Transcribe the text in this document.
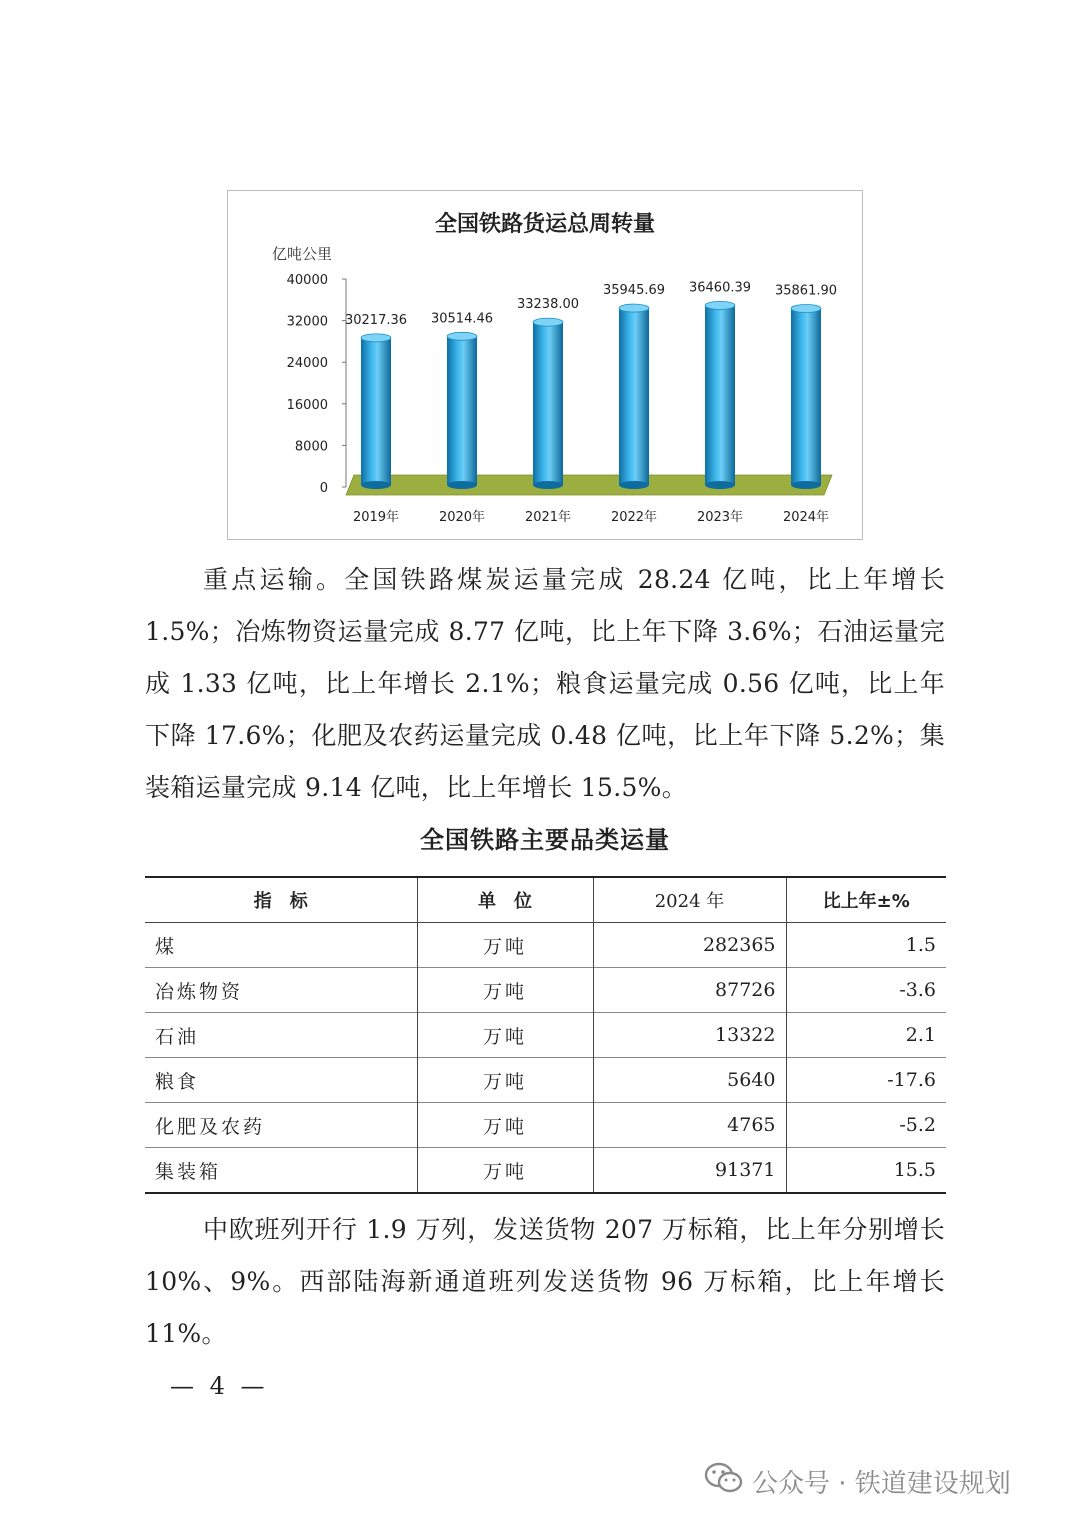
全国铁路货运总周转量
亿吨公里
0
8000
16000
24000
32000
40000
30217.36
2019年
30514.46
2020年
33238.00
2021年
35945.69
2022年
36460.39
2023年
35861.90
2024年

重点运输。全国铁路煤炭运量完成 28.24 亿吨，比上年增长 1.5%；冶炼物资运量完成 8.77 亿吨，比上年下降 3.6%；石油运量完成 1.33 亿吨，比上年增长 2.1%；粮食运量完成 0.56 亿吨，比上年下降 17.6%；化肥及农药运量完成 0.48 亿吨，比上年下降 5.2%；集装箱运量完成 9.14 亿吨，比上年增长 15.5%。

全国铁路主要品类运量
指　标	单　位	2024 年	比上年±%
煤	万吨	282365	1.5
冶炼物资	万吨	87726	-3.6
石油	万吨	13322	2.1
粮食	万吨	5640	-17.6
化肥及农药	万吨	4765	-5.2
集装箱	万吨	91371	15.5

中欧班列开行 1.9 万列，发送货物 207 万标箱，比上年分别增长 10%、9%。西部陆海新通道班列发送货物 96 万标箱，比上年增长 11%。

— 4 —
公众号 · 铁道建设规划
